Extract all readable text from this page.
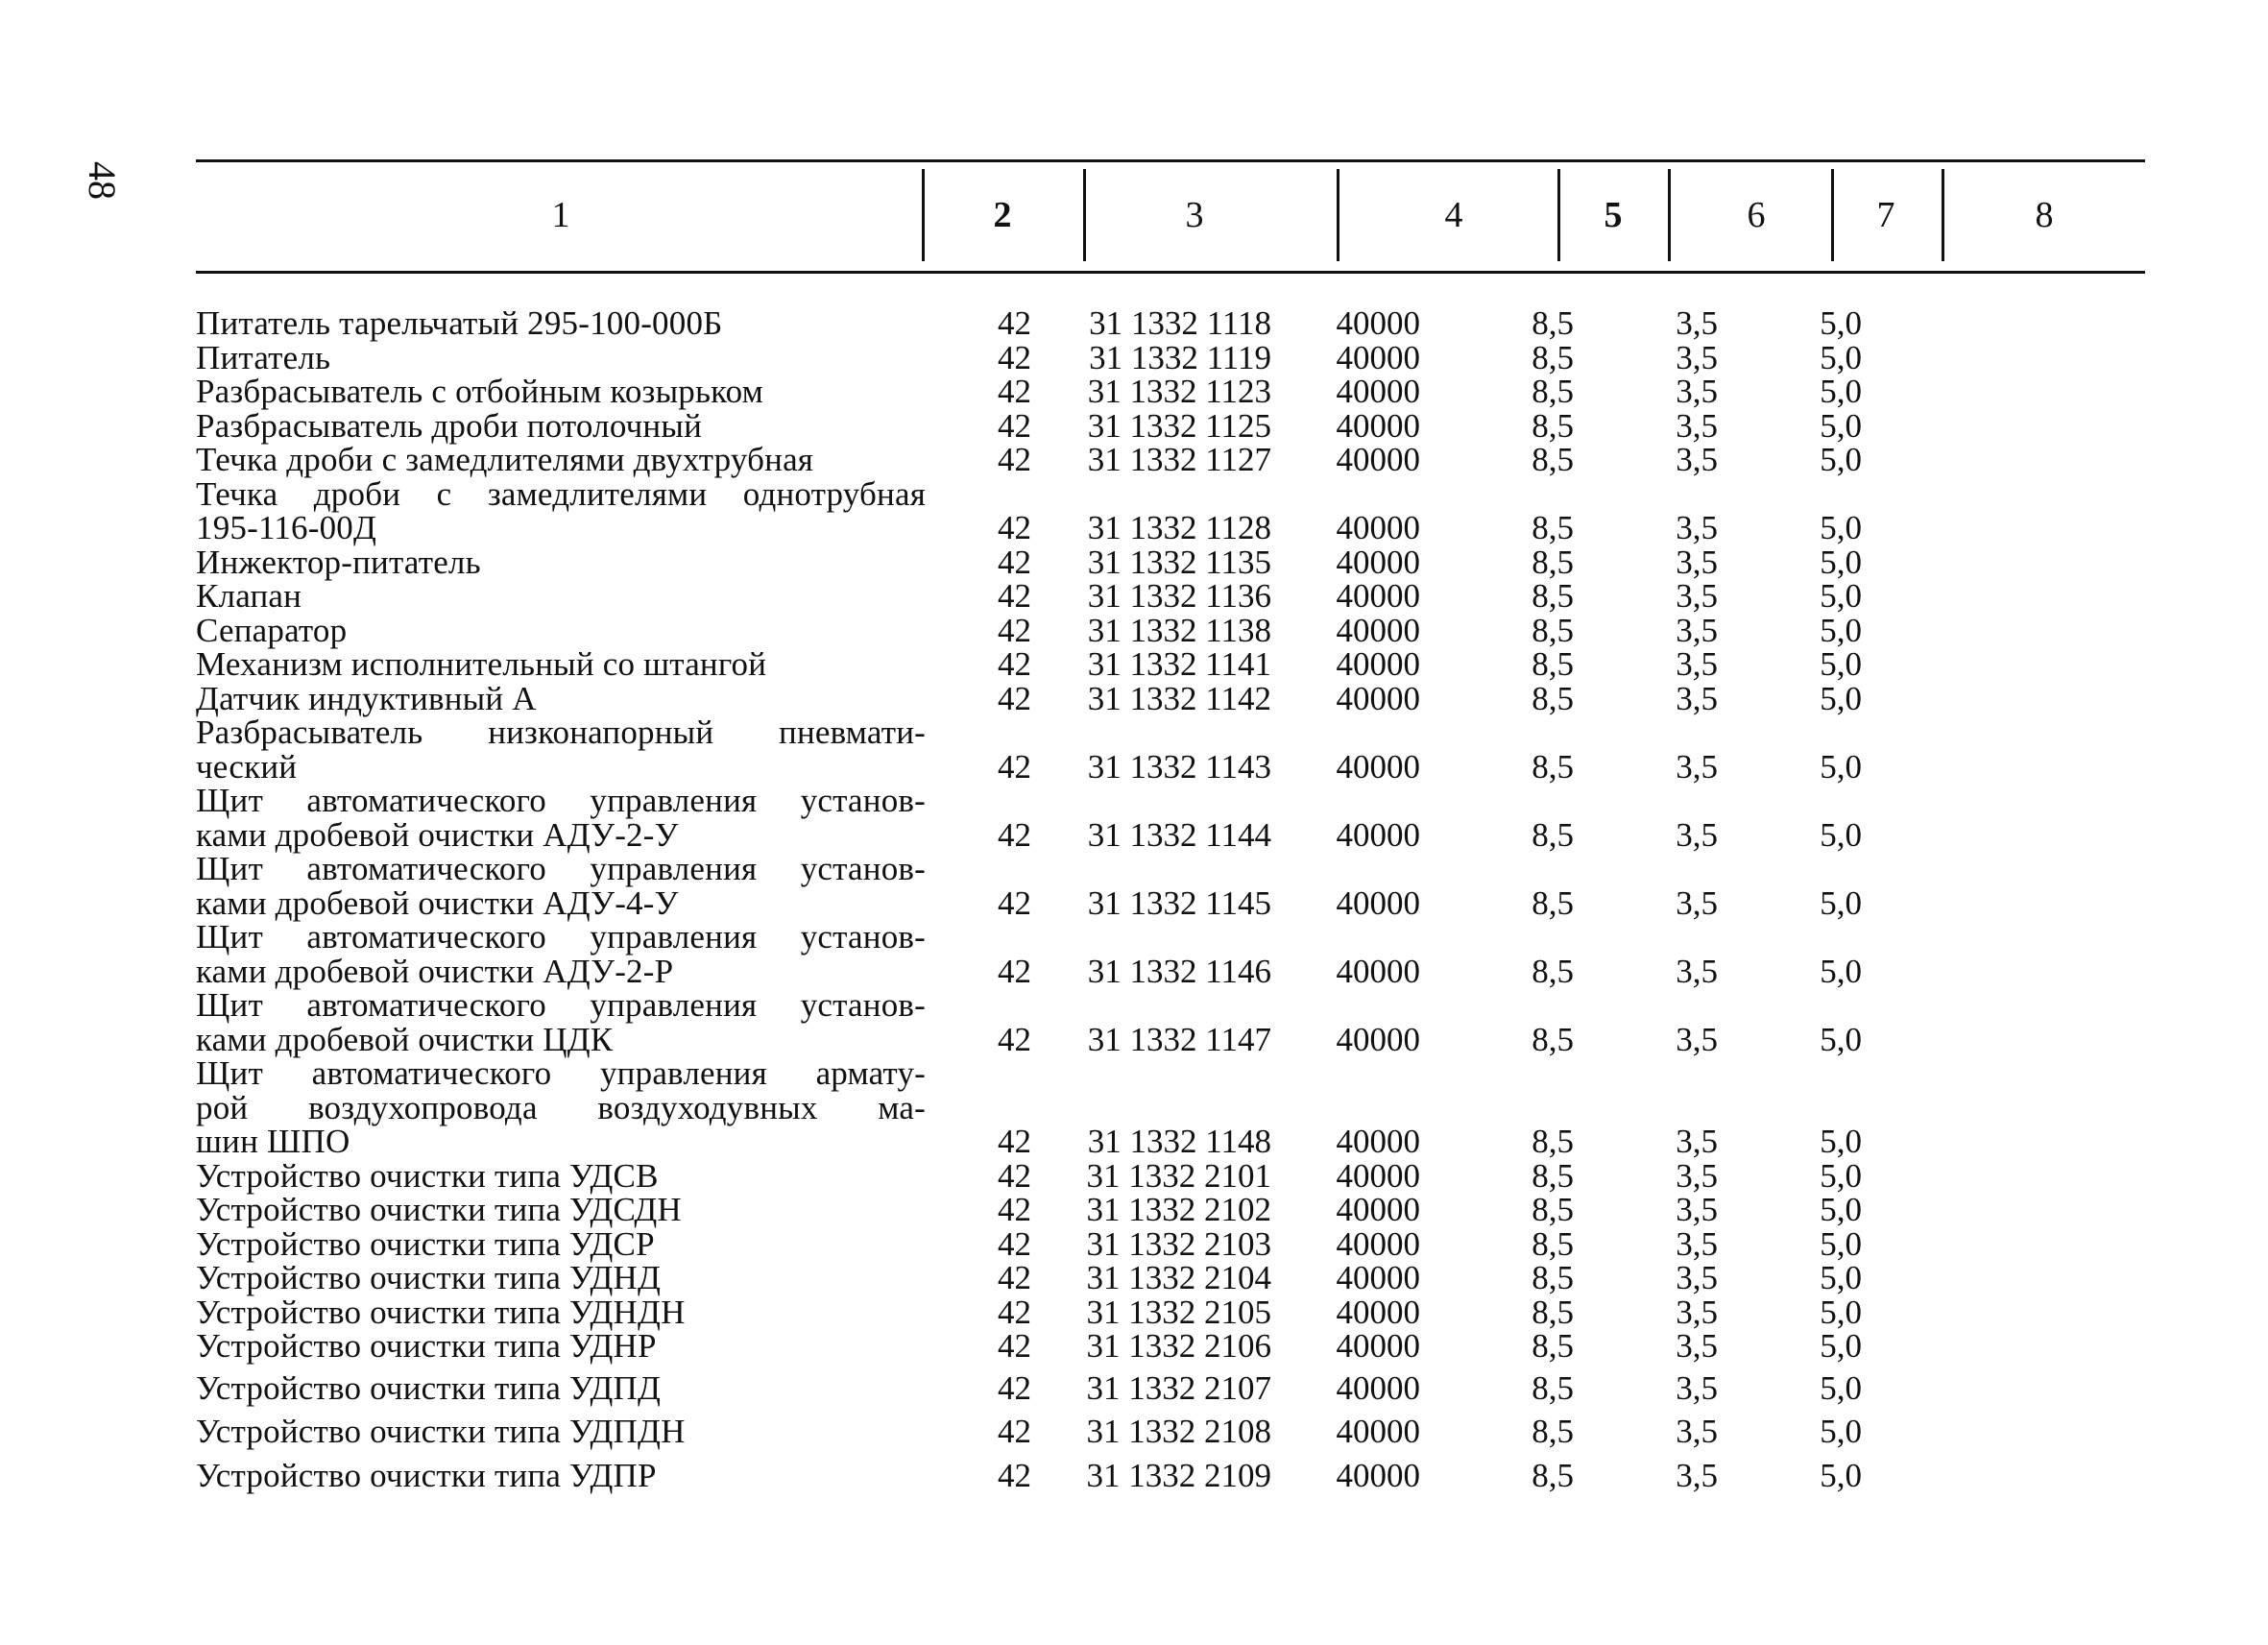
48
1	2	3	4	5	6	7	8
Питатель тарельчатый 295-100-000Б	42	31 1332 1118	40000	8,5	3,5	5,0
Питатель	42	31 1332 1119	40000	8,5	3,5	5,0
Разбрасыватель с отбойным козырьком	42	31 1332 1123	40000	8,5	3,5	5,0
Разбрасыватель дроби потолочный	42	31 1332 1125	40000	8,5	3,5	5,0
Течка дроби с замедлителями двухтрубная	42	31 1332 1127	40000	8,5	3,5	5,0
Течка дроби с замедлителями однотрубная
195-116-00Д	42	31 1332 1128	40000	8,5	3,5	5,0
Инжектор-питатель	42	31 1332 1135	40000	8,5	3,5	5,0
Клапан	42	31 1332 1136	40000	8,5	3,5	5,0
Сепаратор	42	31 1332 1138	40000	8,5	3,5	5,0
Механизм исполнительный со штангой	42	31 1332 1141	40000	8,5	3,5	5,0
Датчик индуктивный А	42	31 1332 1142	40000	8,5	3,5	5,0
Разбрасыватель низконапорный пневмати-
ческий	42	31 1332 1143	40000	8,5	3,5	5,0
Щит автоматического управления установ-
ками дробевой очистки АДУ-2-У	42	31 1332 1144	40000	8,5	3,5	5,0
Щит автоматического управления установ-
ками дробевой очистки АДУ-4-У	42	31 1332 1145	40000	8,5	3,5	5,0
Щит автоматического управления установ-
ками дробевой очистки АДУ-2-Р	42	31 1332 1146	40000	8,5	3,5	5,0
Щит автоматического управления установ-
ками дробевой очистки ЦДК	42	31 1332 1147	40000	8,5	3,5	5,0
Щит автоматического управления армату-
рой воздухопровода воздуходувных ма-
шин ШПО	42	31 1332 1148	40000	8,5	3,5	5,0
Устройство очистки типа УДСВ	42	31 1332 2101	40000	8,5	3,5	5,0
Устройство очистки типа УДСДН	42	31 1332 2102	40000	8,5	3,5	5,0
Устройство очистки типа УДСР	42	31 1332 2103	40000	8,5	3,5	5,0
Устройство очистки типа УДНД	42	31 1332 2104	40000	8,5	3,5	5,0
Устройство очистки типа УДНДН	42	31 1332 2105	40000	8,5	3,5	5,0
Устройство очистки типа УДНР	42	31 1332 2106	40000	8,5	3,5	5,0
Устройство очистки типа УДПД	42	31 1332 2107	40000	8,5	3,5	5,0
Устройство очистки типа УДПДН	42	31 1332 2108	40000	8,5	3,5	5,0
Устройство очистки типа УДПР	42	31 1332 2109	40000	8,5	3,5	5,0
